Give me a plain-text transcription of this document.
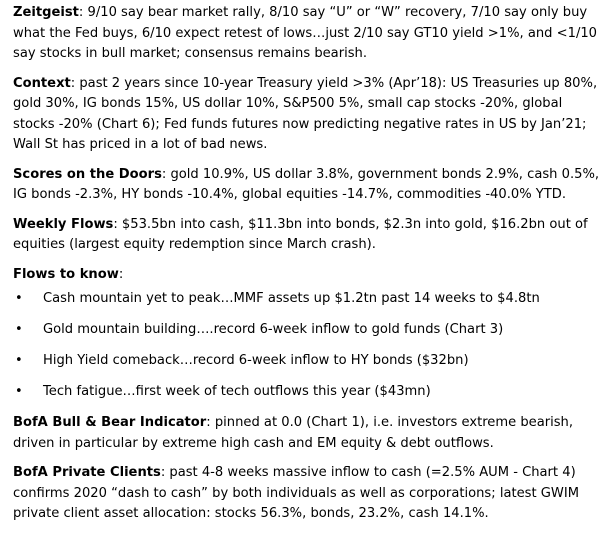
Zeitgeist: 9/10 say bear market rally, 8/10 say “U” or “W” recovery, 7/10 say only buy what the Fed buys, 6/10 expect retest of lows…just 2/10 say GT10 yield >1%, and <1/10 say stocks in bull market; consensus remains bearish.

Context: past 2 years since 10-year Treasury yield >3% (Apr’18): US Treasuries up 80%, gold 30%, IG bonds 15%, US dollar 10%, S&P500 5%, small cap stocks -20%, global stocks -20% (Chart 6); Fed funds futures now predicting negative rates in US by Jan’21; Wall St has priced in a lot of bad news.

Scores on the Doors: gold 10.9%, US dollar 3.8%, government bonds 2.9%, cash 0.5%, IG bonds -2.3%, HY bonds -10.4%, global equities -14.7%, commodities -40.0% YTD.

Weekly Flows: $53.5bn into cash, $11.3bn into bonds, $2.3n into gold, $16.2bn out of equities (largest equity redemption since March crash).

Flows to know:

• Cash mountain yet to peak…MMF assets up $1.2tn past 14 weeks to $4.8tn
• Gold mountain building….record 6-week inflow to gold funds (Chart 3)
• High Yield comeback…record 6-week inflow to HY bonds ($32bn)
• Tech fatigue…first week of tech outflows this year ($43mn)

BofA Bull & Bear Indicator: pinned at 0.0 (Chart 1), i.e. investors extreme bearish, driven in particular by extreme high cash and EM equity & debt outflows.

BofA Private Clients: past 4-8 weeks massive inflow to cash (=2.5% AUM - Chart 4) confirms 2020 “dash to cash” by both individuals as well as corporations; latest GWIM private client asset allocation: stocks 56.3%, bonds, 23.2%, cash 14.1%.
